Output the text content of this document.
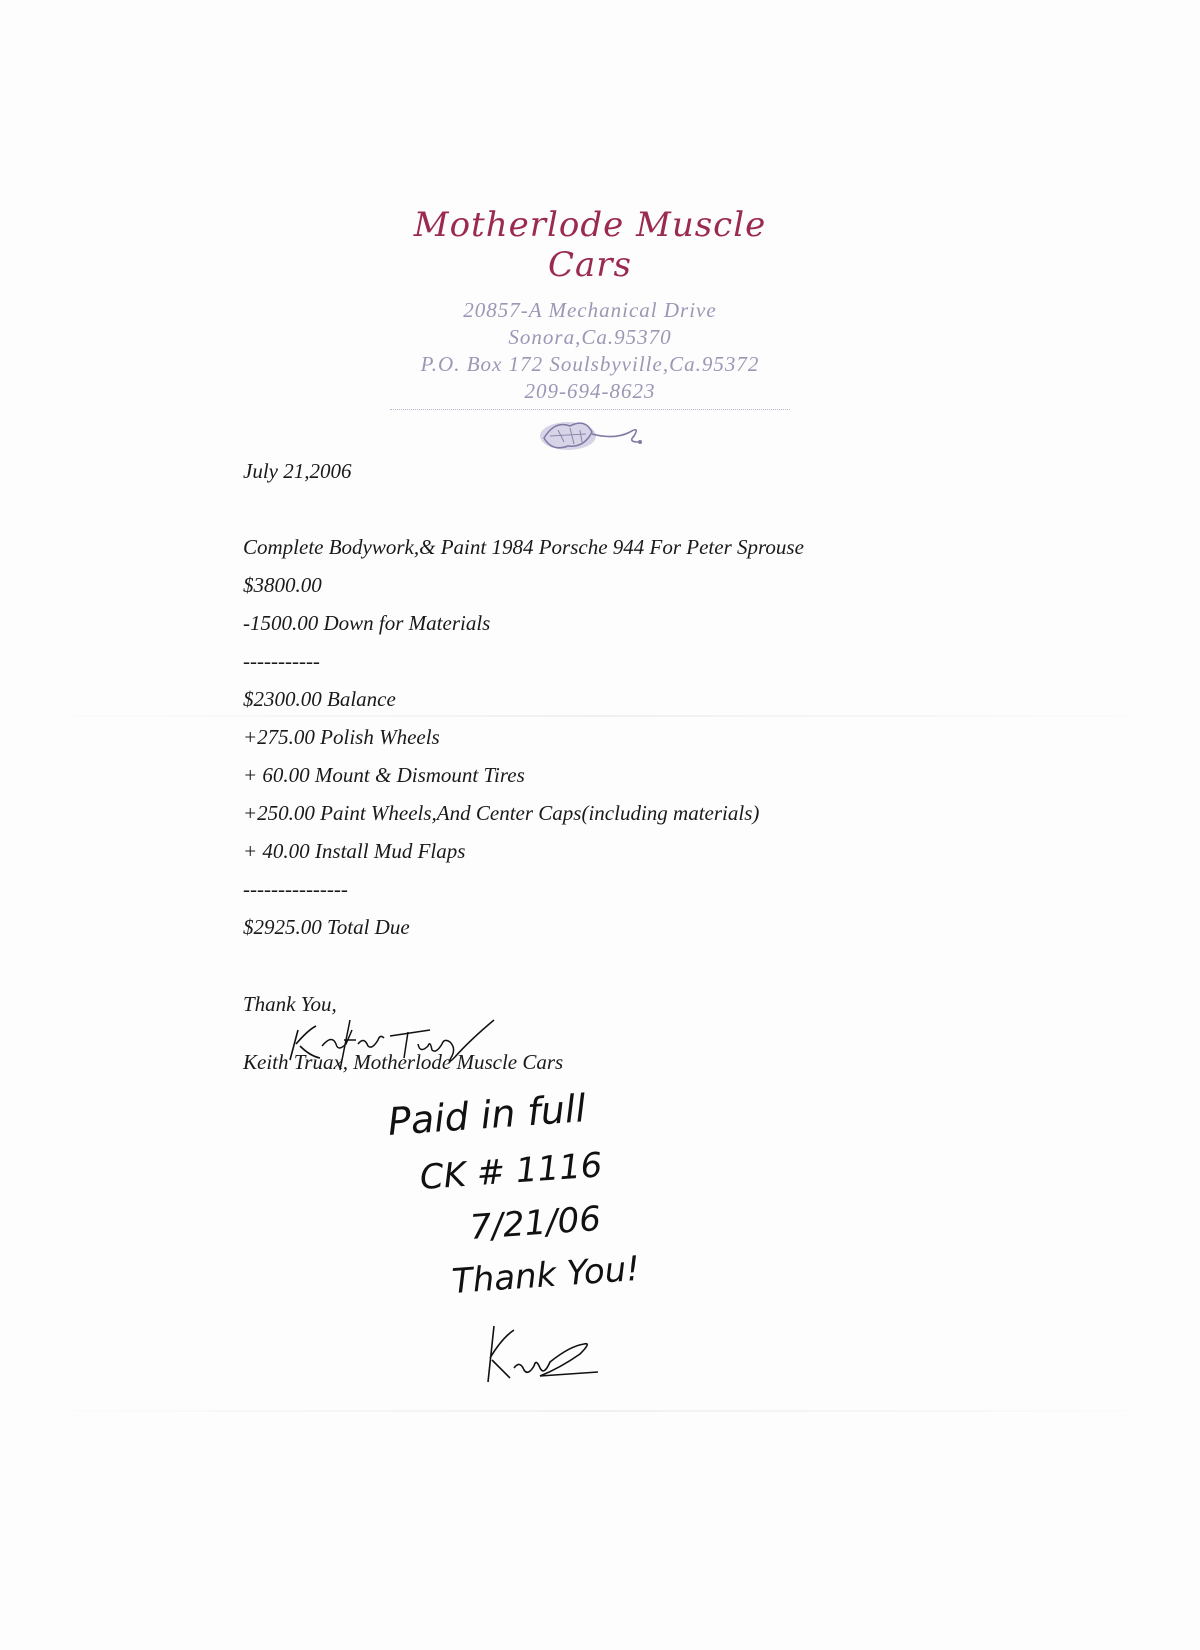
Motherlode Muscle Cars
20857-A Mechanical Drive
Sonora,Ca.95370
P.O. Box 172 Soulsbyville,Ca.95372
209-694-8623
July 21,2006
Complete Bodywork,& Paint 1984 Porsche 944 For Peter Sprouse
$3800.00
-1500.00 Down for Materials
-----------
$2300.00 Balance
+275.00 Polish Wheels
+ 60.00 Mount & Dismount Tires
+250.00 Paint Wheels,And Center Caps(including materials)
+ 40.00 Install Mud Flaps
---------------
$2925.00 Total Due
Thank You,
Keith Truax, Motherlode Muscle Cars
Paid in full
CK # 1116
7/21/06
Thank You!
